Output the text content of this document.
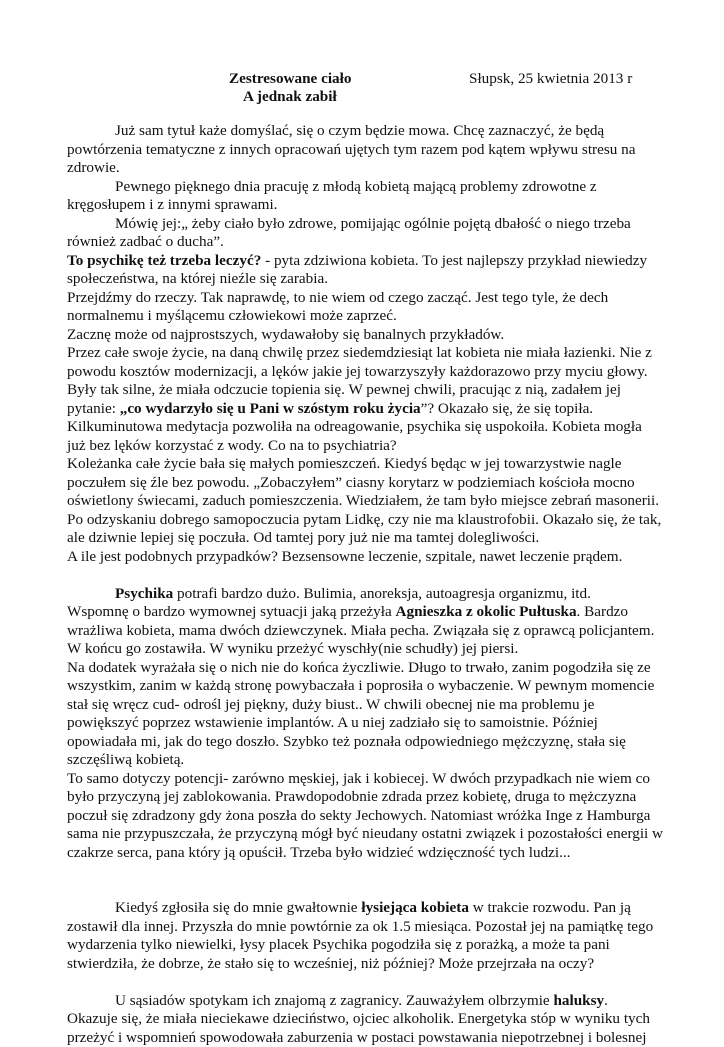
Zestresowane ciało	Słupsk, 25 kwietnia 2013 r
A jednak zabił

Już sam tytuł każe domyślać, się o czym będzie mowa. Chcę zaznaczyć, że będą powtórzenia tematyczne z innych opracowań ujętych tym razem pod kątem wpływu stresu na zdrowie.

Pewnego pięknego dnia pracuję z młodą kobietą mającą problemy zdrowotne z kręgosłupem i z innymi sprawami.

Mówię jej:„ żeby ciało było zdrowe, pomijając ogólnie pojętą dbałość o niego trzeba również zadbać o ducha”.

To psychikę też trzeba leczyć? - pyta zdziwiona kobieta. To jest najlepszy przykład niewiedzy społeczeństwa, na której nieźle się zarabia.

Przejdźmy do rzeczy. Tak naprawdę, to nie wiem od czego zacząć. Jest tego tyle, że dech normalnemu i myślącemu człowiekowi może zaprzeć.

Zacznę może od najprostszych, wydawałoby się banalnych przykładów.

Przez całe swoje życie, na daną chwilę przez siedemdziesiąt lat kobieta nie miała łazienki. Nie z powodu kosztów modernizacji, a lęków jakie jej towarzyszyły każdorazowo przy myciu głowy. Były tak silne, że miała odczucie topienia się. W pewnej chwili, pracując z nią, zadałem jej pytanie: „co wydarzyło się u Pani w szóstym roku życia”? Okazało się, że się topiła. Kilkuminutowa medytacja pozwoliła na odreagowanie, psychika się uspokoiła. Kobieta mogła już bez lęków korzystać z wody. Co na to psychiatria?

Koleżanka całe życie bała się małych pomieszczeń. Kiedyś będąc w jej towarzystwie nagle poczułem się źle bez powodu. „Zobaczyłem” ciasny korytarz w podziemiach kościoła mocno oświetlony świecami, zaduch pomieszczenia. Wiedziałem, że tam było miejsce zebrań masonerii. Po odzyskaniu dobrego samopoczucia pytam Lidkę, czy nie ma klaustrofobii. Okazało się, że tak, ale dziwnie lepiej się poczuła. Od tamtej pory już nie ma tamtej dolegliwości.

A ile jest podobnych przypadków? Bezsensowne leczenie, szpitale, nawet leczenie prądem.

Psychika potrafi bardzo dużo. Bulimia, anoreksja, autoagresja organizmu, itd.

Wspomnę o bardzo wymownej sytuacji jaką przeżyła Agnieszka z okolic Pułtuska. Bardzo wrażliwa kobieta, mama dwóch dziewczynek. Miała pecha. Związała się z oprawcą policjantem. W końcu go zostawiła. W wyniku przeżyć wyschły(nie schudły) jej piersi.

Na dodatek wyrażała się o nich nie do końca życzliwie. Długo to trwało, zanim pogodziła się ze wszystkim, zanim w każdą stronę powybaczała i poprosiła o wybaczenie. W pewnym momencie stał się wręcz cud- odrośl jej piękny, duży biust.. W chwili obecnej nie ma problemu je powiększyć poprzez wstawienie implantów. A u niej zadziało się to samoistnie. Później opowiadała mi, jak do tego doszło. Szybko też poznała odpowiedniego mężczyznę, stała się szczęśliwą kobietą.

To samo dotyczy potencji- zarówno męskiej, jak i kobiecej. W dwóch przypadkach nie wiem co było przyczyną jej zablokowania. Prawdopodobnie zdrada przez kobietę, druga to mężczyzna poczuł się zdradzony gdy żona poszła do sekty Jechowych. Natomiast wróżka Inge z Hamburga sama nie przypuszczała, że przyczyną mógł być nieudany ostatni związek i pozostałości energii w czakrze serca, pana który ją opuścił. Trzeba było widzieć wdzięczność tych ludzi...

Kiedyś zgłosiła się do mnie gwałtownie łysiejąca kobieta w trakcie rozwodu. Pan ją zostawił dla innej. Przyszła do mnie powtórnie za ok 1.5 miesiąca. Pozostał jej na pamiątkę tego wydarzenia tylko niewielki, łysy placek Psychika pogodziła się z porażką, a może ta pani stwierdziła, że dobrze, że stało się to wcześniej, niż później? Może przejrzała na oczy?

U sąsiadów spotykam ich znajomą z zagranicy. Zauważyłem olbrzymie haluksy.

Okazuje się, że miała nieciekawe dzieciństwo, ojciec alkoholik. Energetyka stóp w wyniku tych przeżyć i wspomnień spowodowała zaburzenia w postaci powstawania niepotrzebnej i bolesnej
